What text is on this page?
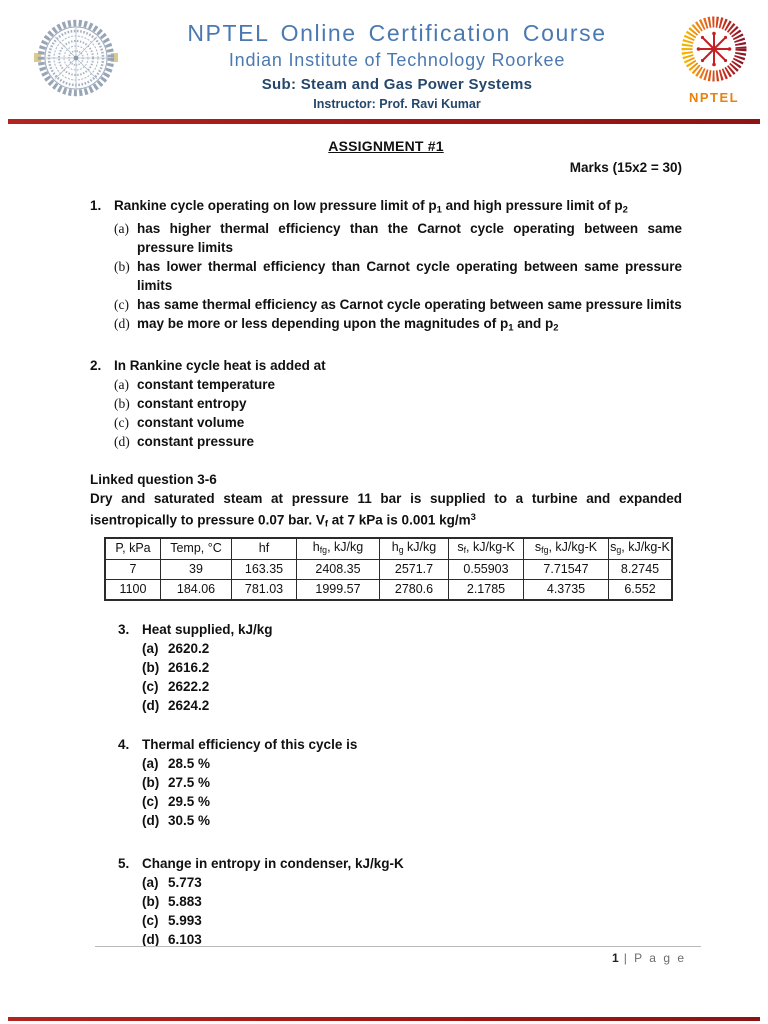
NPTEL Online Certification Course
Indian Institute of Technology Roorkee
Sub: Steam and Gas Power Systems
Instructor: Prof. Ravi Kumar	NPTEL
ASSIGNMENT #1
Marks (15x2 = 30)
1. Rankine cycle operating on low pressure limit of $p_1$ and high pressure limit of $p_2$
(a) has higher thermal efficiency than the Carnot cycle operating between same pressure limits
(b) has lower thermal efficiency than Carnot cycle operating between same pressure limits
(c) has same thermal efficiency as Carnot cycle operating between same pressure limits
(d) may be more or less depending upon the magnitudes of $p_1$ and $p_2$
2. In Rankine cycle heat is added at
(a) constant temperature
(b) constant entropy
(c) constant volume
(d) constant pressure
Linked question 3-6
Dry and saturated steam at pressure 11 bar is supplied to a turbine and expanded isentropically to pressure 0.07 bar. $V_f$ at 7 kPa is 0.001 $kg/m^3$
P, kPa	Temp, °C	hf	$h_{fg}$, kJ/kg	$h_g$ kJ/kg	$s_f$, kJ/kg-K	$s_{fg}$, kJ/kg-K	$s_g$, kJ/kg-K
7	39	163.35	2408.35	2571.7	0.55903	7.71547	8.2745
1100	184.06	781.03	1999.57	2780.6	2.1785	4.3735	6.552
3. Heat supplied, kJ/kg
(a) 2620.2
(b) 2616.2
(c) 2622.2
(d) 2624.2
4. Thermal efficiency of this cycle is
(a) 28.5 %
(b) 27.5 %
(c) 29.5 %
(d) 30.5 %
5. Change in entropy in condenser, kJ/kg-K
(a) 5.773
(b) 5.883
(c) 5.993
(d) 6.103
1 | P a g e
